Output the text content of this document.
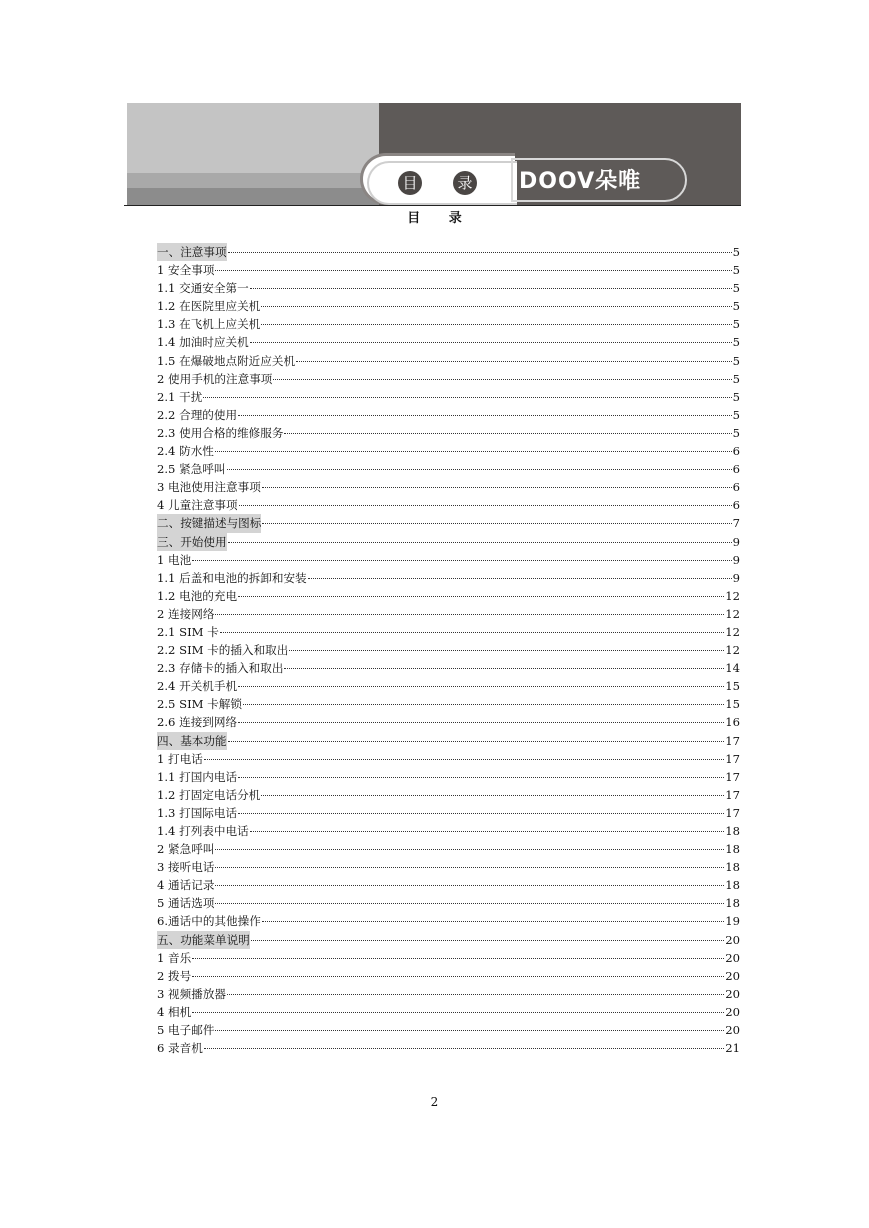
目	录 DOOV朵唯
目 录
一、注意事项	5
1 安全事项	5
1.1 交通安全第一	5
1.2 在医院里应关机	5
1.3 在飞机上应关机	5
1.4 加油时应关机	5
1.5 在爆破地点附近应关机	5
2 使用手机的注意事项	5
2.1 干扰	5
2.2 合理的使用	5
2.3 使用合格的维修服务	5
2.4 防水性	6
2.5 紧急呼叫	6
3 电池使用注意事项	6
4 儿童注意事项	6
二、按键描述与图标	7
三、开始使用	9
1 电池	9
1.1 后盖和电池的拆卸和安装	9
1.2 电池的充电	12
2 连接网络	12
2.1 SIM 卡	12
2.2 SIM 卡的插入和取出	12
2.3 存储卡的插入和取出	14
2.4 开关机手机	15
2.5 SIM 卡解锁	15
2.6 连接到网络	16
四、基本功能	17
1 打电话	17
1.1 打国内电话	17
1.2 打固定电话分机	17
1.3 打国际电话	17
1.4 打列表中电话	18
2 紧急呼叫	18
3 接听电话	18
4 通话记录	18
5 通话选项	18
6.通话中的其他操作	19
五、功能菜单说明	20
1 音乐	20
2 拨号	20
3 视频播放器	20
4 相机	20
5 电子邮件	20
6 录音机	21
2
